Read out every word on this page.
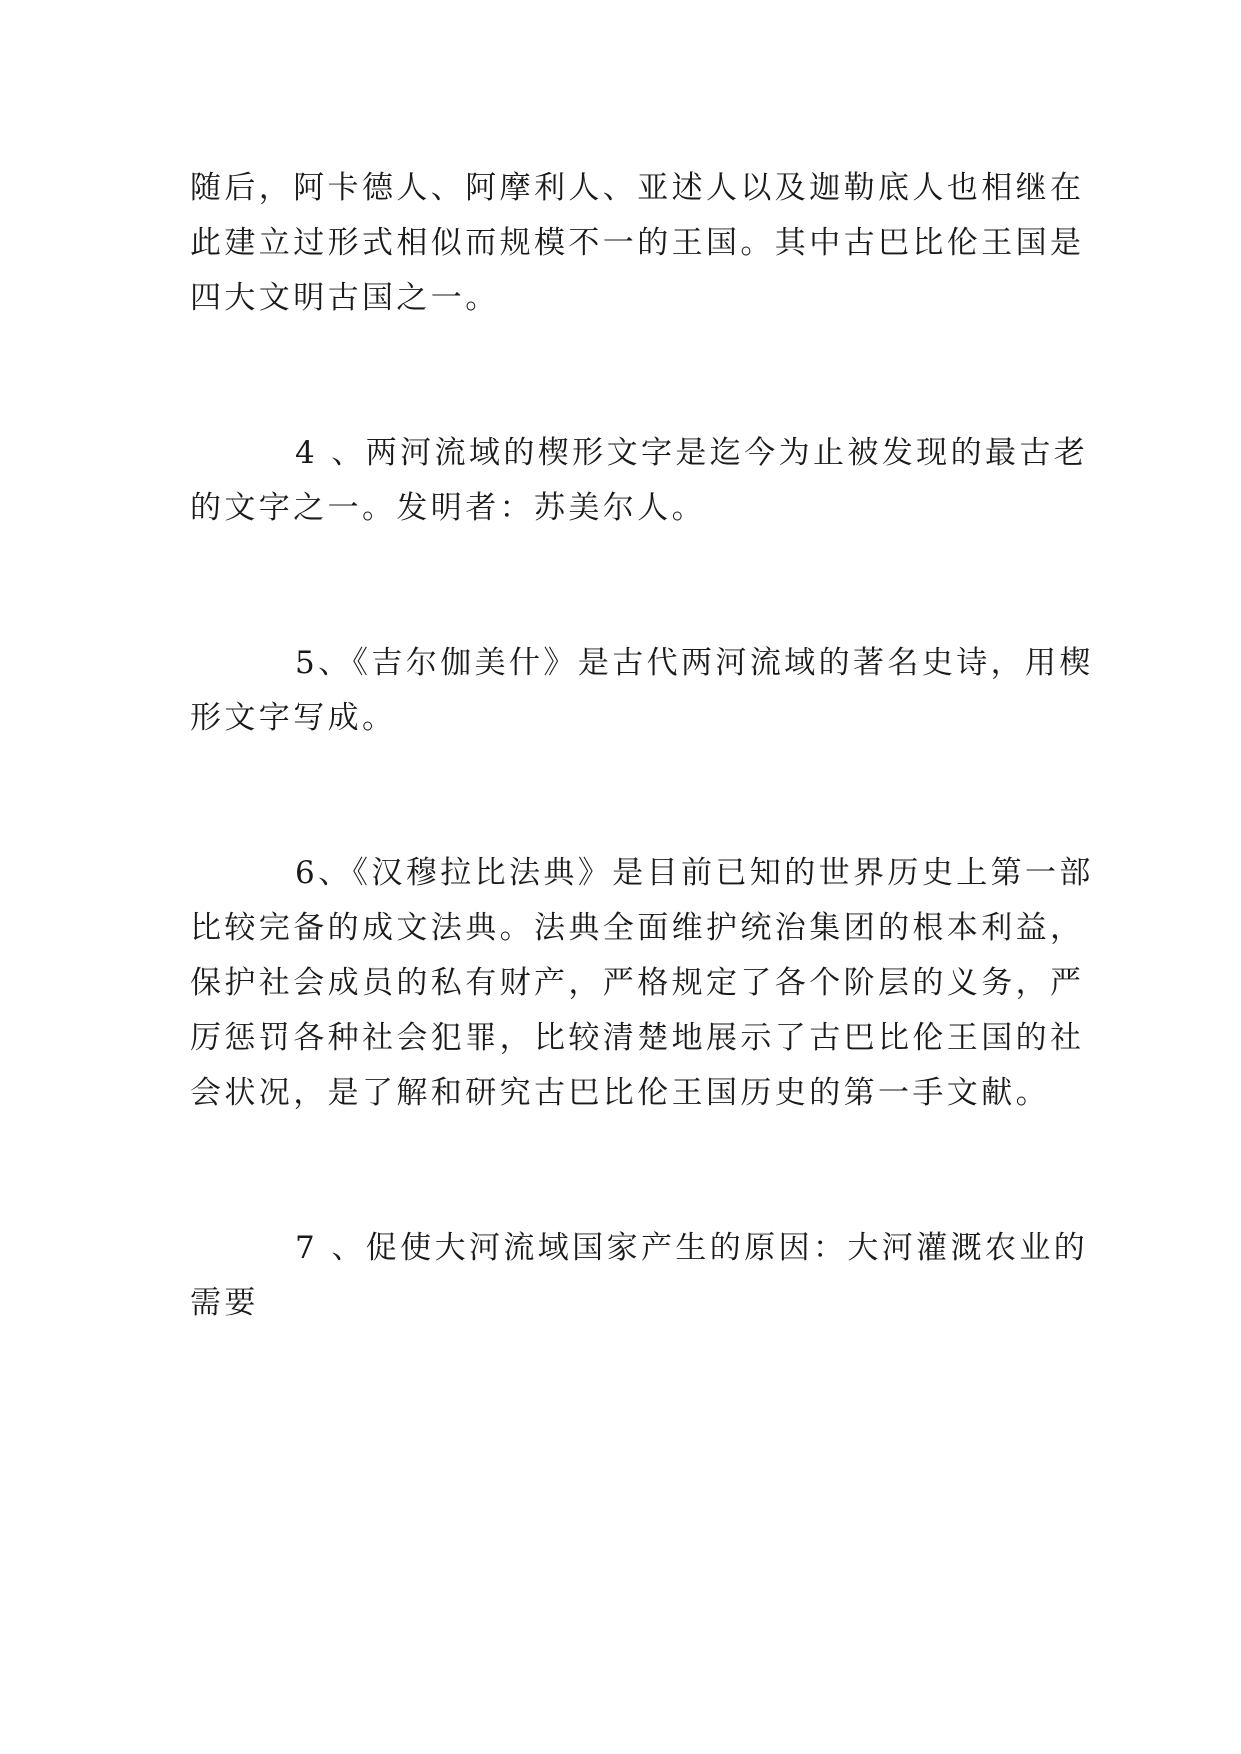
随后，阿卡德人、阿摩利人、亚述人以及迦勒底人也相继在
此建立过形式相似而规模不一的王国。其中古巴比伦王国是
四大文明古国之一。
4 、两河流域的楔形文字是迄今为止被发现的最古老
的文字之一。发明者：苏美尔人。
5、《吉尔伽美什》是古代两河流域的著名史诗，用楔
形文字写成。
6、《汉穆拉比法典》是目前已知的世界历史上第一部
比较完备的成文法典。法典全面维护统治集团的根本利益，
保护社会成员的私有财产，严格规定了各个阶层的义务，严
厉惩罚各种社会犯罪，比较清楚地展示了古巴比伦王国的社
会状况，是了解和研究古巴比伦王国历史的第一手文献。
7 、促使大河流域国家产生的原因：大河灌溉农业的
需要
